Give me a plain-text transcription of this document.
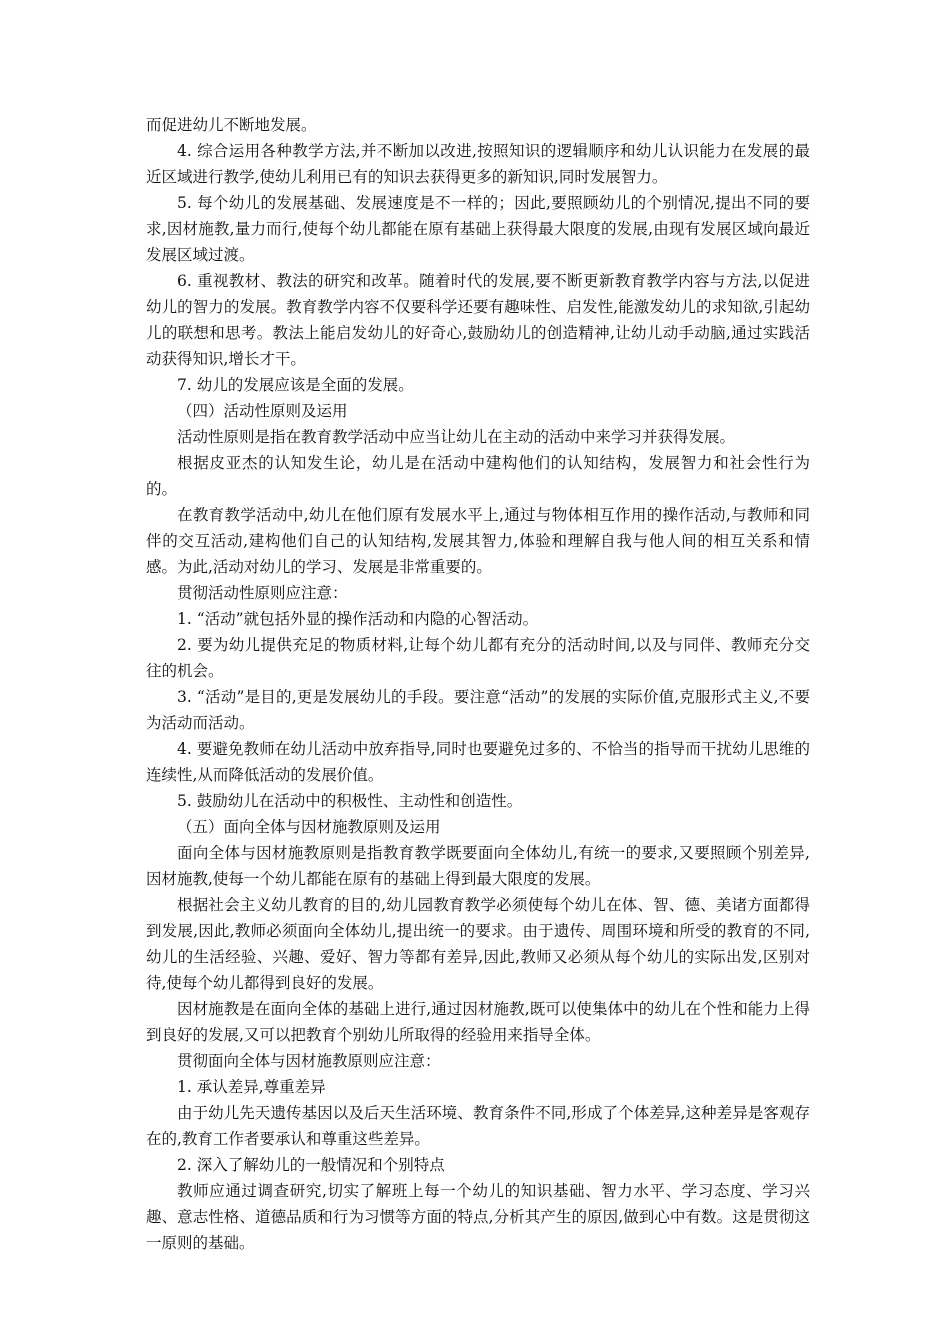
而促进幼儿不断地发展。

4. 综合运用各种教学方法,并不断加以改进,按照知识的逻辑顺序和幼儿认识能力在发展的最近区域进行教学,使幼儿利用已有的知识去获得更多的新知识,同时发展智力。

5. 每个幼儿的发展基础、发展速度是不一样的；因此,要照顾幼儿的个别情况,提出不同的要求,因材施教,量力而行,使每个幼儿都能在原有基础上获得最大限度的发展,由现有发展区域向最近发展区域过渡。

6. 重视教材、教法的研究和改革。随着时代的发展,要不断更新教育教学内容与方法,以促进幼儿的智力的发展。教育教学内容不仅要科学还要有趣味性、启发性,能激发幼儿的求知欲,引起幼儿的联想和思考。教法上能启发幼儿的好奇心,鼓励幼儿的创造精神,让幼儿动手动脑,通过实践活动获得知识,增长才干。

7. 幼儿的发展应该是全面的发展。

（四）活动性原则及运用

活动性原则是指在教育教学活动中应当让幼儿在主动的活动中来学习并获得发展。

根据皮亚杰的认知发生论，幼儿是在活动中建构他们的认知结构，发展智力和社会性行为的。

在教育教学活动中,幼儿在他们原有发展水平上,通过与物体相互作用的操作活动,与教师和同伴的交互活动,建构他们自己的认知结构,发展其智力,体验和理解自我与他人间的相互关系和情感。为此,活动对幼儿的学习、发展是非常重要的。

贯彻活动性原则应注意：

1. “活动”就包括外显的操作活动和内隐的心智活动。

2. 要为幼儿提供充足的物质材料,让每个幼儿都有充分的活动时间,以及与同伴、教师充分交往的机会。

3. “活动”是目的,更是发展幼儿的手段。要注意“活动”的发展的实际价值,克服形式主义,不要为活动而活动。

4. 要避免教师在幼儿活动中放弃指导,同时也要避免过多的、不恰当的指导而干扰幼儿思维的连续性,从而降低活动的发展价值。

5. 鼓励幼儿在活动中的积极性、主动性和创造性。

（五）面向全体与因材施教原则及运用

面向全体与因材施教原则是指教育教学既要面向全体幼儿,有统一的要求,又要照顾个别差异,因材施教,使每一个幼儿都能在原有的基础上得到最大限度的发展。

根据社会主义幼儿教育的目的,幼儿园教育教学必须使每个幼儿在体、智、德、美诸方面都得到发展,因此,教师必须面向全体幼儿,提出统一的要求。由于遗传、周围环境和所受的教育的不同,幼儿的生活经验、兴趣、爱好、智力等都有差异,因此,教师又必须从每个幼儿的实际出发,区别对待,使每个幼儿都得到良好的发展。

因材施教是在面向全体的基础上进行,通过因材施教,既可以使集体中的幼儿在个性和能力上得到良好的发展,又可以把教育个别幼儿所取得的经验用来指导全体。

贯彻面向全体与因材施教原则应注意：

1. 承认差异,尊重差异

由于幼儿先天遗传基因以及后天生活环境、教育条件不同,形成了个体差异,这种差异是客观存在的,教育工作者要承认和尊重这些差异。

2. 深入了解幼儿的一般情况和个别特点

教师应通过调查研究,切实了解班上每一个幼儿的知识基础、智力水平、学习态度、学习兴趣、意志性格、道德品质和行为习惯等方面的特点,分析其产生的原因,做到心中有数。这是贯彻这一原则的基础。
